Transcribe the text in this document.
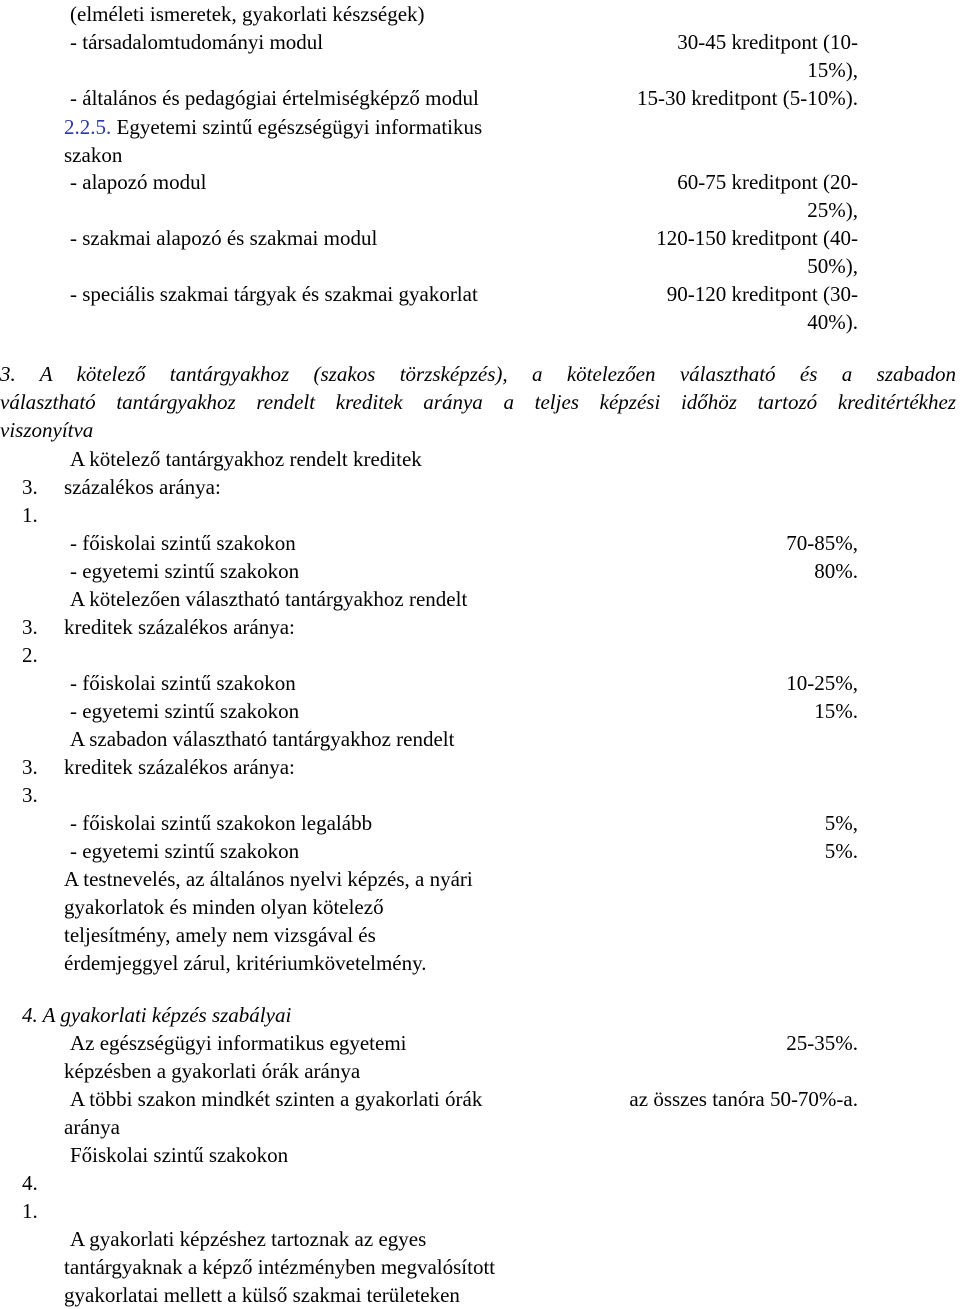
(elméleti ismeretek, gyakorlati készségek)
- társadalomtudományi modul	30-45 kreditpont (10-
15%),
- általános és pedagógiai értelmiségképző modul	15-30 kreditpont (5-10%).
2.2.5. Egyetemi szintű egészségügyi informatikus
szakon
- alapozó modul	60-75 kreditpont (20-
25%),
- szakmai alapozó és szakmai modul	120-150 kreditpont (40-
50%),
- speciális szakmai tárgyak és szakmai gyakorlat	90-120 kreditpont (30-
40%).
3. A kötelező tantárgyakhoz (szakos törzsképzés), a kötelezően választható és a szabadon
választható tantárgyakhoz rendelt kreditek aránya a teljes képzési időhöz tartozó kreditértékhez
viszonyítva
A kötelező tantárgyakhoz rendelt kreditek
3. százalékos aránya:
1.
- főiskolai szintű szakokon	70-85%,
- egyetemi szintű szakokon	80%.
A kötelezően választható tantárgyakhoz rendelt
3. kreditek százalékos aránya:
2.
- főiskolai szintű szakokon	10-25%,
- egyetemi szintű szakokon	15%.
A szabadon választható tantárgyakhoz rendelt
3. kreditek százalékos aránya:
3.
- főiskolai szintű szakokon legalább	5%,
- egyetemi szintű szakokon	5%.
A testnevelés, az általános nyelvi képzés, a nyári
gyakorlatok és minden olyan kötelező
teljesítmény, amely nem vizsgával és
érdemjeggyel zárul, kritériumkövetelmény.
4. A gyakorlati képzés szabályai
Az egészségügyi informatikus egyetemi	25-35%.
képzésben a gyakorlati órák aránya
A többi szakon mindkét szinten a gyakorlati órák	az összes tanóra 50-70%-a.
aránya
Főiskolai szintű szakokon
4.
1.
A gyakorlati képzéshez tartoznak az egyes
tantárgyaknak a képző intézményben megvalósított
gyakorlatai mellett a külső szakmai területeken
